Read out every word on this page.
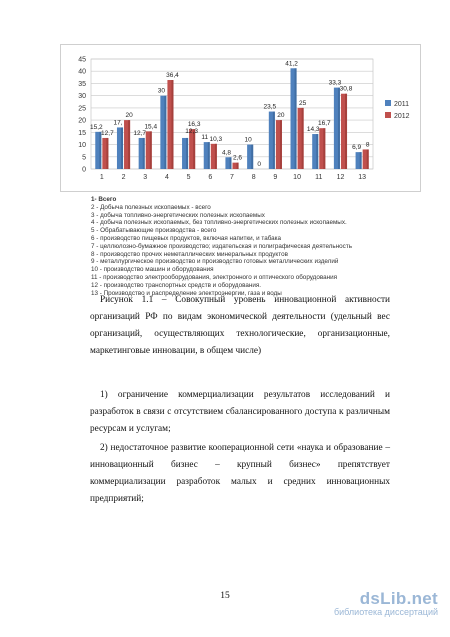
0
5
10
15
20
25
30
35
40
45
15,2
12,7
1
17,
20
2
12,7
15,4
3
30
36,4
4
16,3
5
11 10,3
6
4,8
2,6
7
10
0
8
23,5
20
9
41,2
25
10
14,3
16,7
11
33,3
30,8
12
6,9 8
13
12,3
2011
2012
1- Всего
2 - Добыча полезных ископаемых - всего
3 - добыча топливно-энергетических полезных ископаемых
4 - добыча полезных ископаемых, без топливно-энергетических полезных ископаемых.
5 - Обрабатывающие производства - всего
6 - производство пищевых продуктов, включая напитки, и табака
7 - целлюлозно-бумажное производство; издательская и полиграфическая деятельность
8 - производство прочих неметаллических минеральных продуктов
9 - металлургическое производство и производство готовых металлических изделий
10 - производство машин и оборудования
11 - производство электрооборудования, электронного и оптического оборудования
12 - производство транспортных средств и оборудования.
13 - Производство и распределение электроэнергии, газа и воды
Рисунок 1.1 – Совокупный уровень инновационной активности организаций РФ по видам экономической деятельности (удельный вес организаций, осуществляющих технологические, организационные, маркетинговые инновации, в общем числе)
1) ограничение коммерциализации результатов исследований и разработок в связи с отсутствием сбалансированного доступа к различным ресурсам и услугам;
2) недостаточное развитие кооперационной сети «наука и образование – инновационный бизнес – крупный бизнес» препятствует коммерциализации разработок малых и средних инновационных предприятий;
15	dsLib.net
библиотека диссертаций
